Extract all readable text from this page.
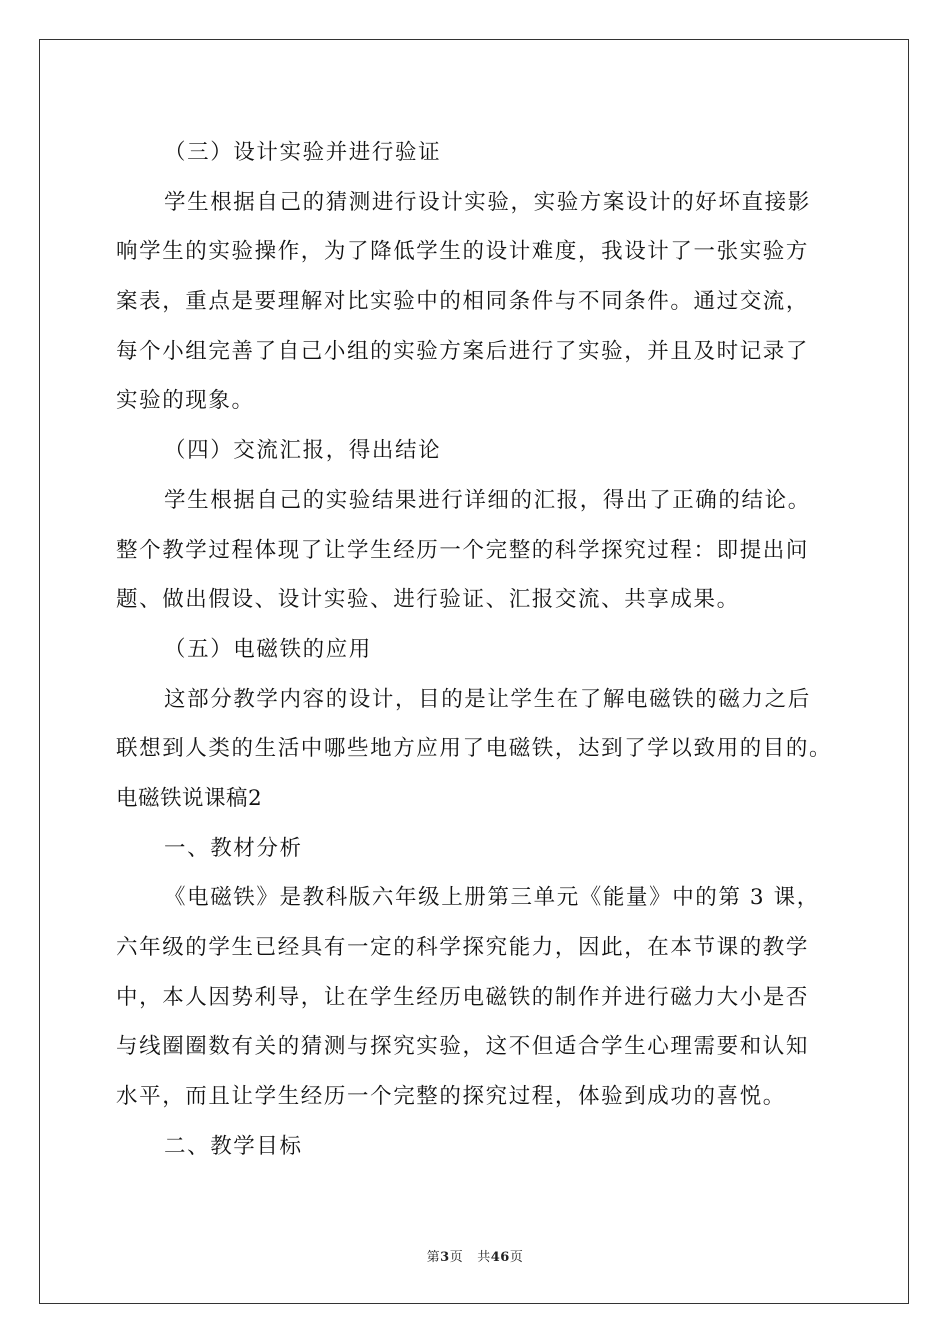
（三）设计实验并进行验证
学生根据自己的猜测进行设计实验，实验方案设计的好坏直接影
响学生的实验操作，为了降低学生的设计难度，我设计了一张实验方
案表，重点是要理解对比实验中的相同条件与不同条件。通过交流，
每个小组完善了自己小组的实验方案后进行了实验，并且及时记录了
实验的现象。
（四）交流汇报，得出结论
学生根据自己的实验结果进行详细的汇报，得出了正确的结论。
整个教学过程体现了让学生经历一个完整的科学探究过程：即提出问
题、做出假设、设计实验、进行验证、汇报交流、共享成果。
（五）电磁铁的应用
这部分教学内容的设计，目的是让学生在了解电磁铁的磁力之后
联想到人类的生活中哪些地方应用了电磁铁，达到了学以致用的目的。
电磁铁说课稿2
一、教材分析
《电磁铁》是教科版六年级上册第三单元《能量》中的第 3 课，
六年级的学生已经具有一定的科学探究能力，因此，在本节课的教学
中，本人因势利导，让在学生经历电磁铁的制作并进行磁力大小是否
与线圈圈数有关的猜测与探究实验，这不但适合学生心理需要和认知
水平，而且让学生经历一个完整的探究过程，体验到成功的喜悦。
二、教学目标
第3页 共46页
